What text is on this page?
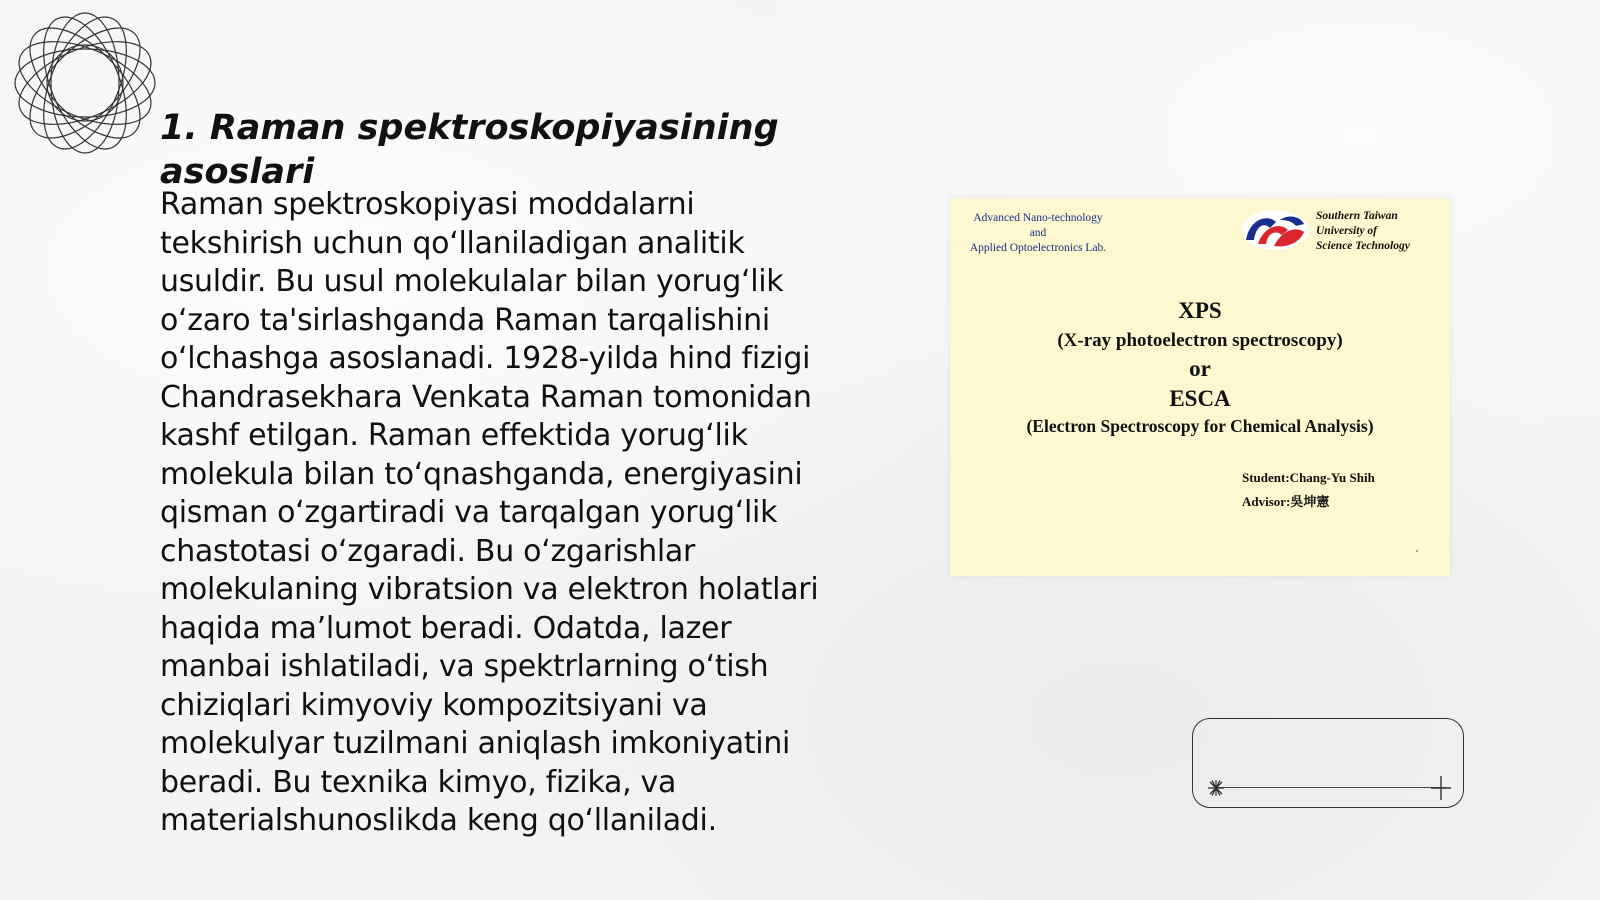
1. Raman spektroskopiyasining asoslari

Raman spektroskopiyasi moddalarni tekshirish uchun qo‘llaniladigan analitik usuldir. Bu usul molekulalar bilan yorug‘lik o‘zaro ta'sirlashganda Raman tarqalishini o‘lchashga asoslanadi. 1928-yilda hind fizigi Chandrasekhara Venkata Raman tomonidan kashf etilgan. Raman effektida yorug‘lik molekula bilan to‘qnashganda, energiyasini qisman o‘zgartiradi va tarqalgan yorug‘lik chastotasi o‘zgaradi. Bu o‘zgarishlar molekulaning vibratsion va elektron holatlari haqida ma’lumot beradi. Odatda, lazer manbai ishlatiladi, va spektrlarning o‘tish chiziqlari kimyoviy kompozitsiyani va molekulyar tuzilmani aniqlash imkoniyatini beradi. Bu texnika kimyo, fizika, va materialshunoslikda keng qo‘llaniladi.

Advanced Nano-technology
and
Applied Optoelectronics Lab.
Southern Taiwan
University of
Science Technology
XPS
(X-ray photoelectron spectroscopy)
or
ESCA
(Electron Spectroscopy for Chemical Analysis)
Student:Chang-Yu Shih
Advisor:吳坤憲
